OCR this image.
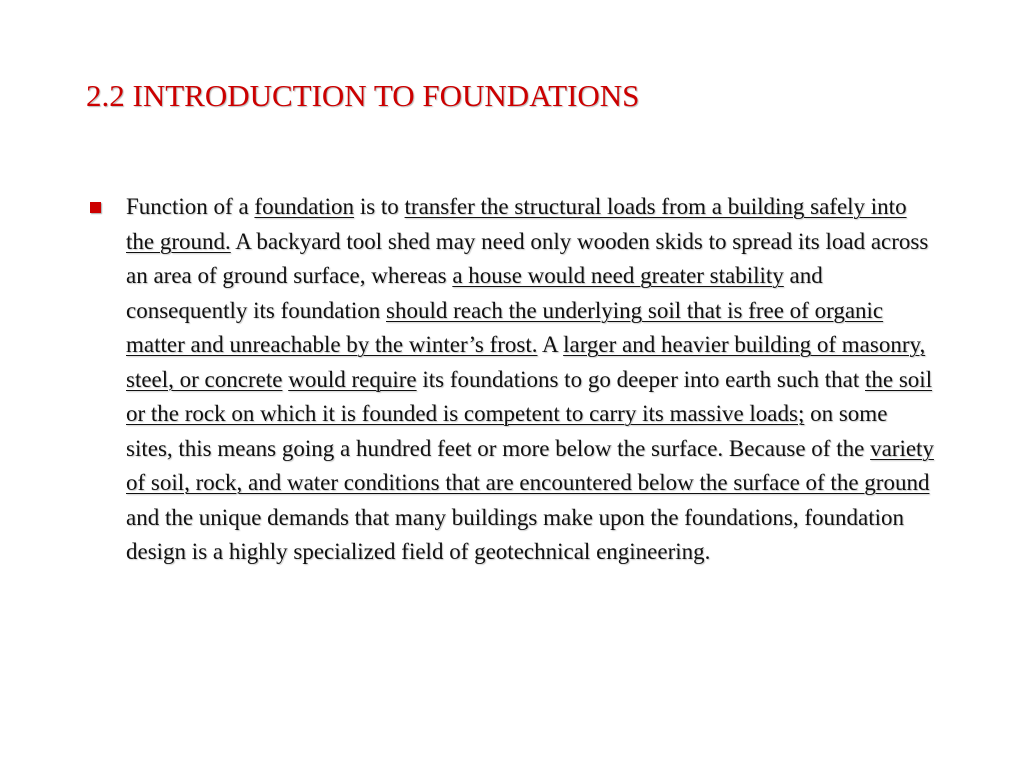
2.2 INTRODUCTION TO FOUNDATIONS

Function of a foundation is to transfer the structural loads from a building safely into the ground. A backyard tool shed may need only wooden skids to spread its load across an area of ground surface, whereas a house would need greater stability and consequently its foundation should reach the underlying soil that is free of organic matter and unreachable by the winter’s frost. A larger and heavier building of masonry, steel, or concrete would require its foundations to go deeper into earth such that the soil or the rock on which it is founded is competent to carry its massive loads; on some sites, this means going a hundred feet or more below the surface. Because of the variety of soil, rock, and water conditions that are encountered below the surface of the ground and the unique demands that many buildings make upon the foundations, foundation design is a highly specialized field of geotechnical engineering.
